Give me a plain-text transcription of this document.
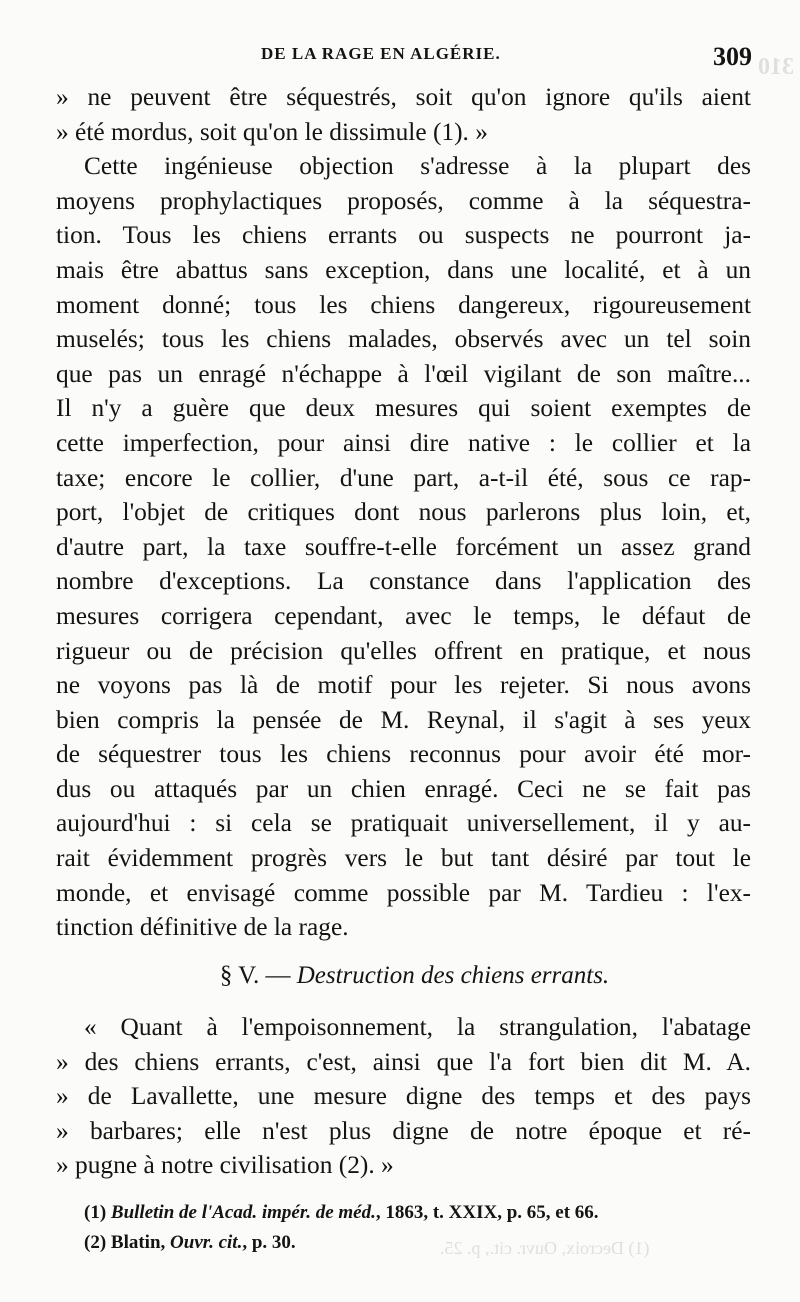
310
(1) Decroix, Ouvr. cit., p. 25.
DE LA RAGE EN ALGÉRIE.	309

» ne peuvent être séquestrés, soit qu'on ignore qu'ils aient
» été mordus, soit qu'on le dissimule (1). »

Cette ingénieuse objection s'adresse à la plupart des
moyens prophylactiques proposés, comme à la séquestra-
tion. Tous les chiens errants ou suspects ne pourront ja-
mais être abattus sans exception, dans une localité, et à un
moment donné; tous les chiens dangereux, rigoureusement
muselés; tous les chiens malades, observés avec un tel soin
que pas un enragé n'échappe à l'œil vigilant de son maître...
Il n'y a guère que deux mesures qui soient exemptes de
cette imperfection, pour ainsi dire native : le collier et la
taxe; encore le collier, d'une part, a-t-il été, sous ce rap-
port, l'objet de critiques dont nous parlerons plus loin, et,
d'autre part, la taxe souffre-t-elle forcément un assez grand
nombre d'exceptions. La constance dans l'application des
mesures corrigera cependant, avec le temps, le défaut de
rigueur ou de précision qu'elles offrent en pratique, et nous
ne voyons pas là de motif pour les rejeter. Si nous avons
bien compris la pensée de M. Reynal, il s'agit à ses yeux
de séquestrer tous les chiens reconnus pour avoir été mor-
dus ou attaqués par un chien enragé. Ceci ne se fait pas
aujourd'hui : si cela se pratiquait universellement, il y au-
rait évidemment progrès vers le but tant désiré par tout le
monde, et envisagé comme possible par M. Tardieu : l'ex-
tinction définitive de la rage.

§ V. — Destruction des chiens errants.
« Quant à l'empoisonnement, la strangulation, l'abatage
» des chiens errants, c'est, ainsi que l'a fort bien dit M. A.
» de Lavallette, une mesure digne des temps et des pays
» barbares; elle n'est plus digne de notre époque et ré-
» pugne à notre civilisation (2). »
(1) Bulletin de l'Acad. impér. de méd., 1863, t. XXIX, p. 65, et 66.
(2) Blatin, Ouvr. cit., p. 30.
